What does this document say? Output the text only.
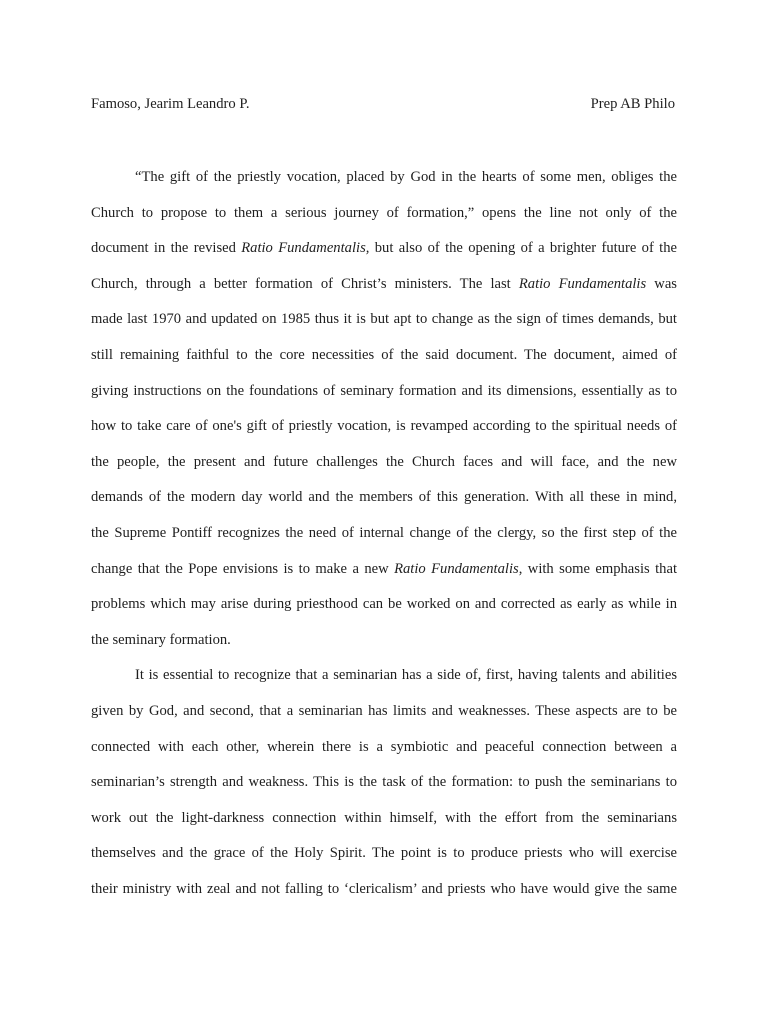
Famoso, Jearim Leandro P.	Prep AB Philo
“The gift of the priestly vocation, placed by God in the hearts of some men, obliges the
Church to propose to them a serious journey of formation,” opens the line not only of the
document in the revised Ratio Fundamentalis, but also of the opening of a brighter future of the
Church, through a better formation of Christ’s ministers. The last Ratio Fundamentalis was
made last 1970 and updated on 1985 thus it is but apt to change as the sign of times demands, but
still remaining faithful to the core necessities of the said document. The document, aimed of
giving instructions on the foundations of seminary formation and its dimensions, essentially as to
how to take care of one's gift of priestly vocation, is revamped according to the spiritual needs of
the people, the present and future challenges the Church faces and will face, and the new
demands of the modern day world and the members of this generation. With all these in mind,
the Supreme Pontiff recognizes the need of internal change of the clergy, so the first step of the
change that the Pope envisions is to make a new Ratio Fundamentalis, with some emphasis that
problems which may arise during priesthood can be worked on and corrected as early as while in
the seminary formation.
It is essential to recognize that a seminarian has a side of, first, having talents and abilities
given by God, and second, that a seminarian has limits and weaknesses. These aspects are to be
connected with each other, wherein there is a symbiotic and peaceful connection between a
seminarian’s strength and weakness. This is the task of the formation: to push the seminarians to
work out the light-darkness connection within himself, with the effort from the seminarians
themselves and the grace of the Holy Spirit. The point is to produce priests who will exercise
their ministry with zeal and not falling to ‘clericalism’ and priests who have would give the same
